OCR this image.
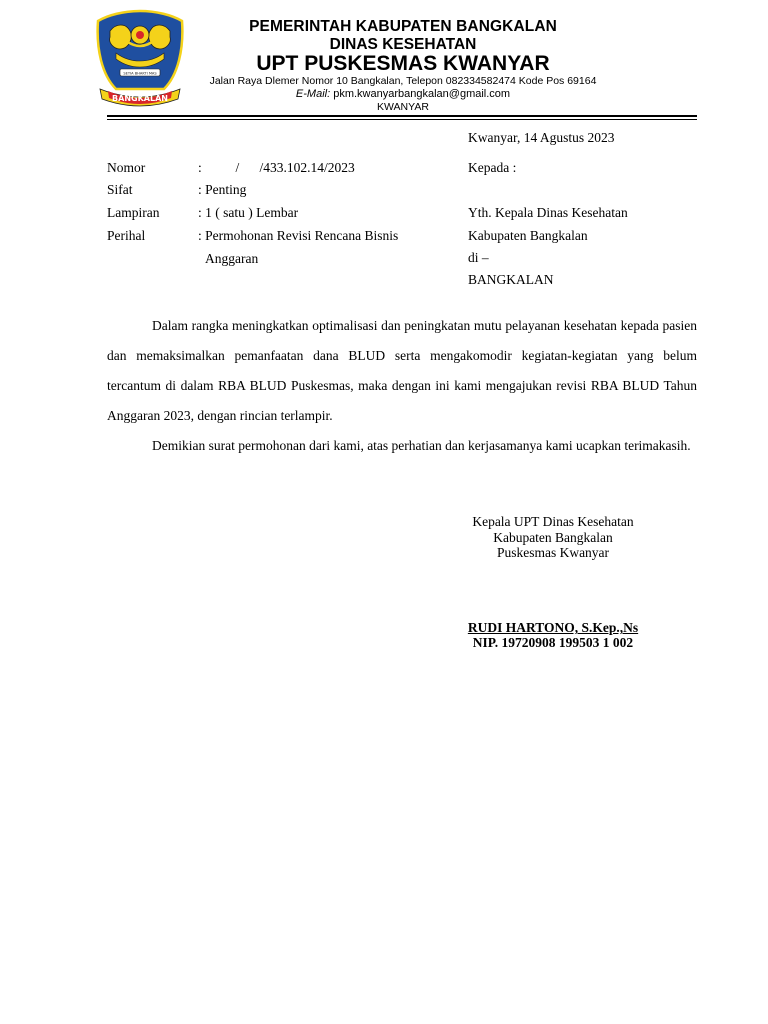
SETIA BHAKTI MAS
BANGKALAN
PEMERINTAH KABUPATEN BANGKALAN
DINAS KESEHATAN
UPT PUSKESMAS KWANYAR
Jalan Raya Dlemer Nomor 10 Bangkalan, Telepon 082334582474 Kode Pos 69164
E-Mail: pkm.kwanyarbangkalan@gmail.com
KWANYAR
Kwanyar, 14 Agustus 2023
Nomor	:          /      /433.102.14/2023
Sifat	: Penting
Lampiran	: 1 ( satu ) Lembar
Perihal	: Permohonan Revisi Rencana Bisnis
Anggaran
Kepada :
Yth. Kepala Dinas Kesehatan
Kabupaten Bangkalan
di –
BANGKALAN
Dalam rangka meningkatkan optimalisasi dan peningkatan mutu pelayanan kesehatan kepada pasien dan memaksimalkan pemanfaatan dana BLUD serta mengakomodir kegiatan-kegiatan yang belum tercantum di dalam RBA BLUD Puskesmas, maka dengan ini kami mengajukan revisi RBA BLUD Tahun Anggaran 2023, dengan rincian terlampir.
Demikian surat permohonan dari kami, atas perhatian dan kerjasamanya kami ucapkan terimakasih.
Kepala UPT Dinas Kesehatan
Kabupaten Bangkalan
Puskesmas Kwanyar
RUDI HARTONO, S.Kep.,Ns
NIP. 19720908 199503 1 002
